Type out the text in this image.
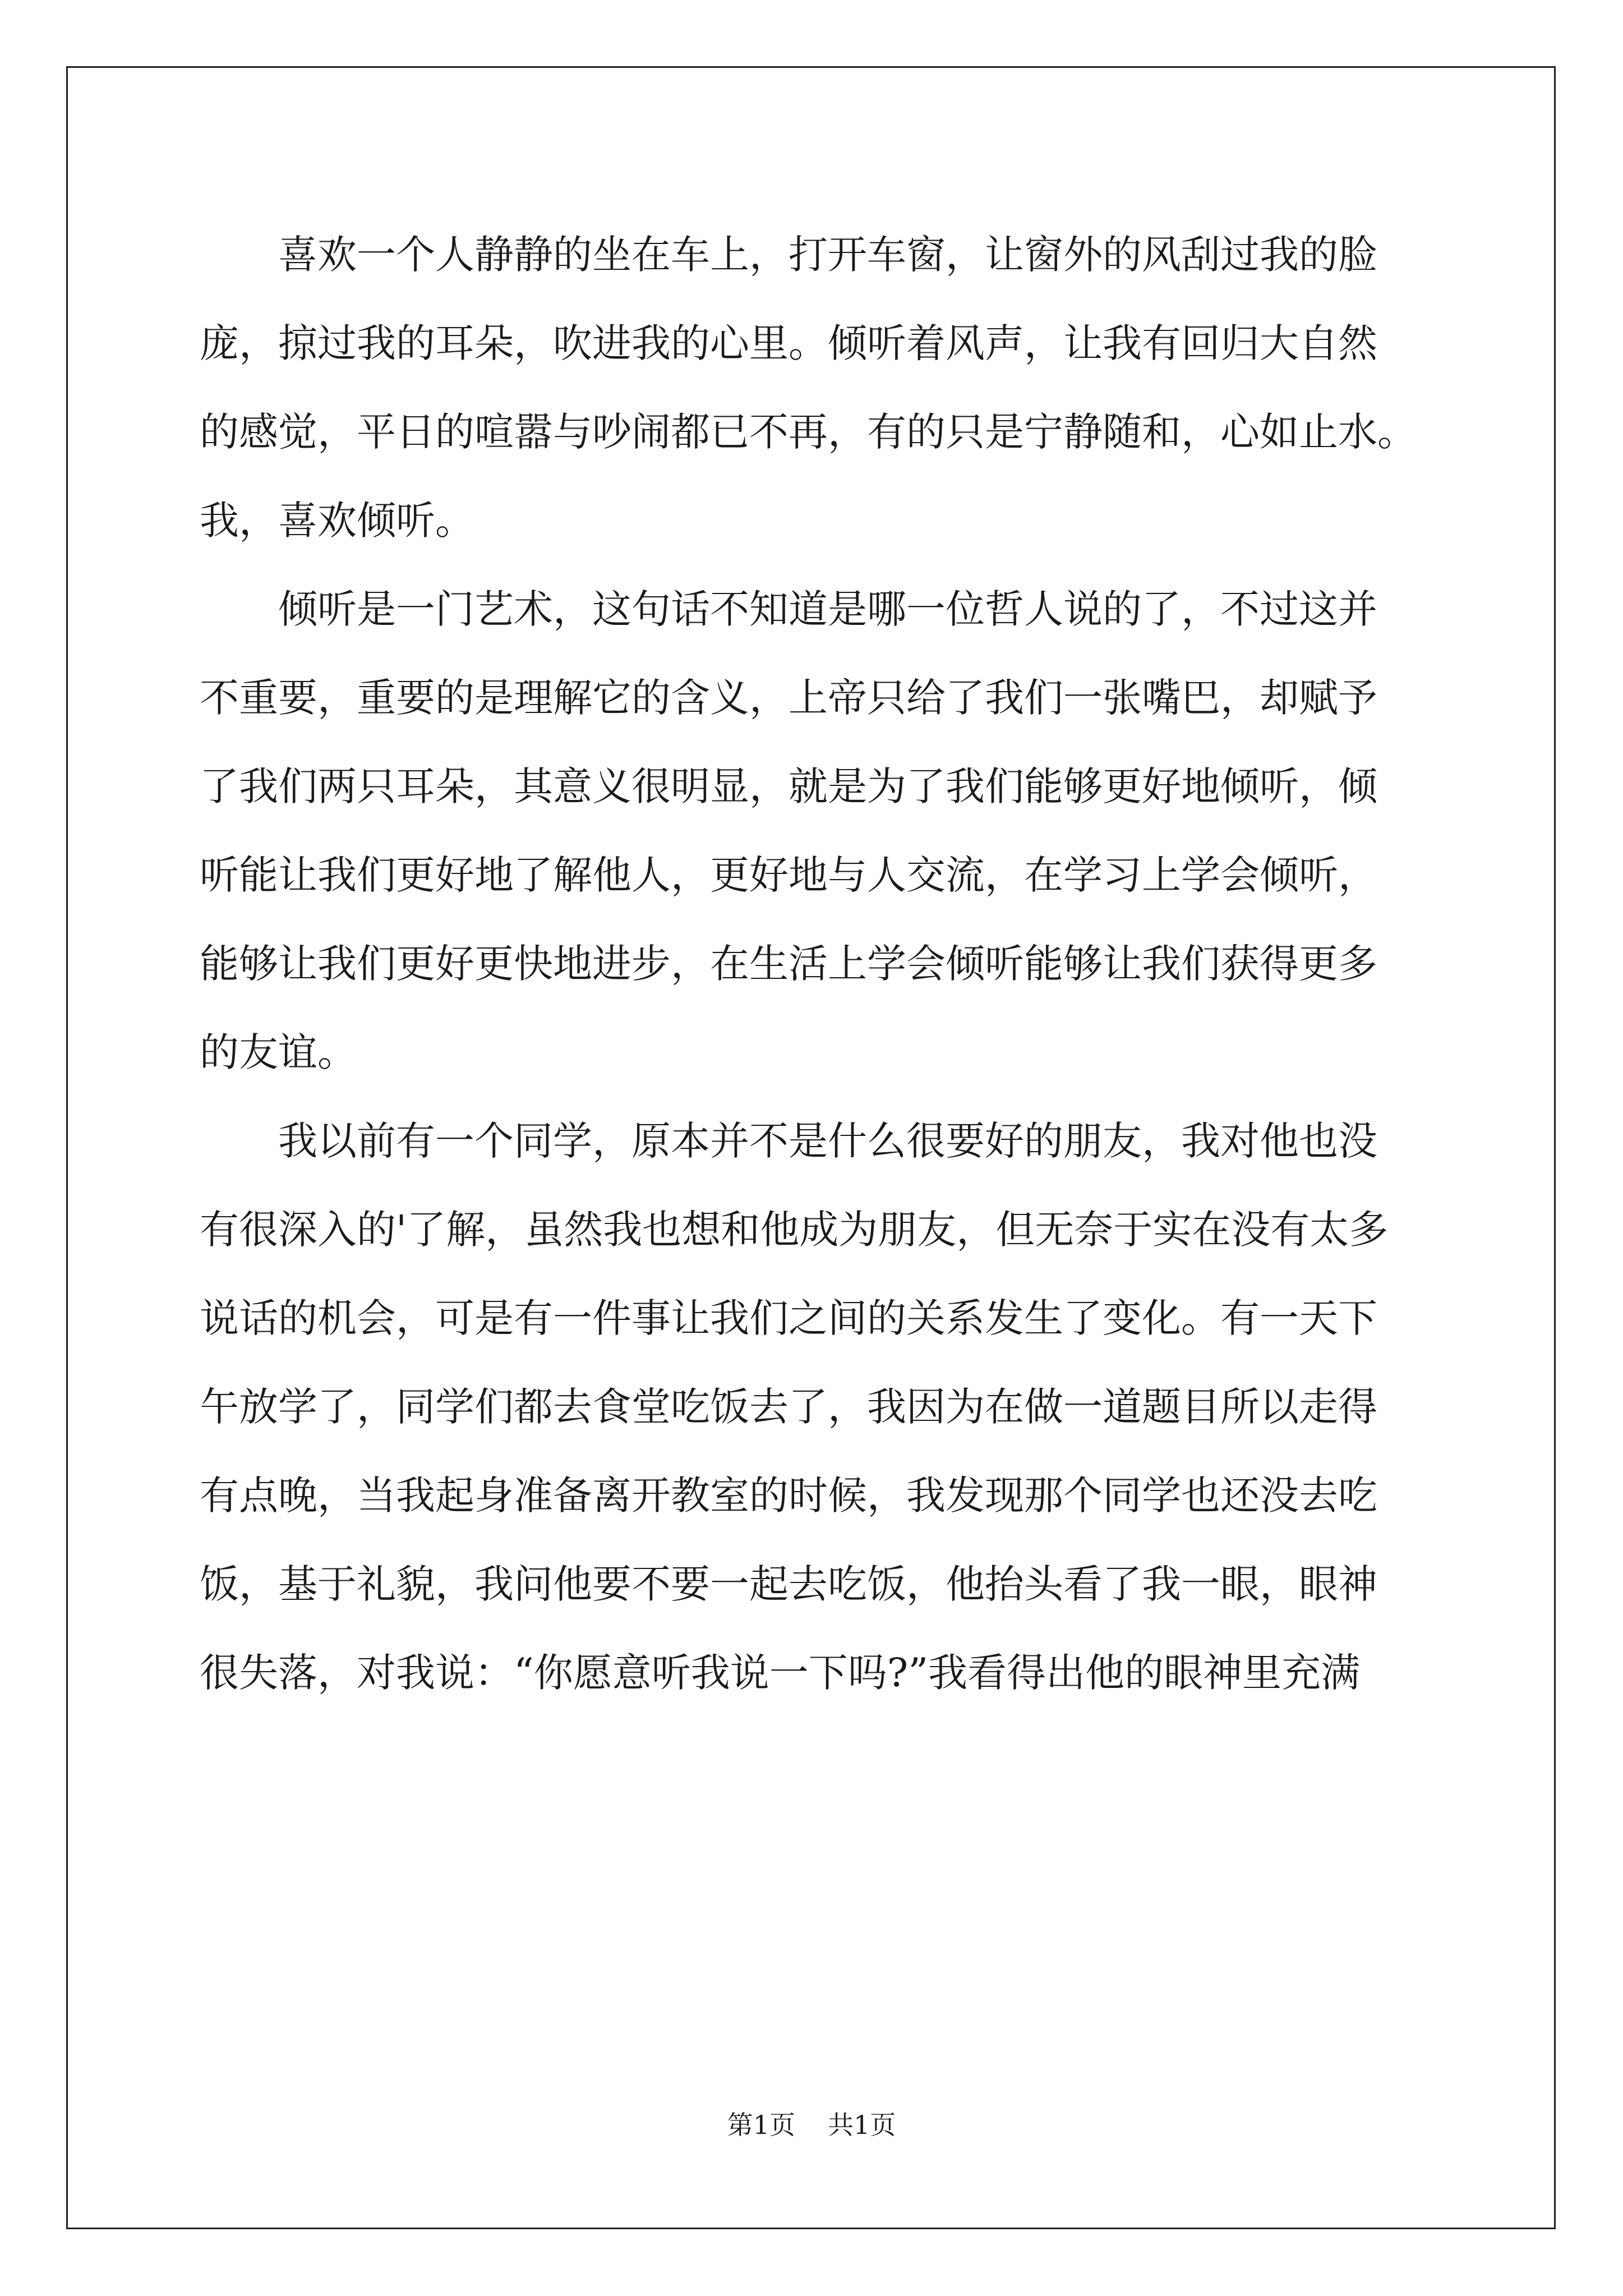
喜欢一个人静静的坐在车上，打开车窗，让窗外的风刮过我的脸
庞，掠过我的耳朵，吹进我的心里。倾听着风声，让我有回归大自然
的感觉，平日的喧嚣与吵闹都已不再，有的只是宁静随和，心如止水。
我，喜欢倾听。

倾听是一门艺术，这句话不知道是哪一位哲人说的了，不过这并
不重要，重要的是理解它的含义，上帝只给了我们一张嘴巴，却赋予
了我们两只耳朵，其意义很明显，就是为了我们能够更好地倾听，倾
听能让我们更好地了解他人，更好地与人交流，在学习上学会倾听，
能够让我们更好更快地进步，在生活上学会倾听能够让我们获得更多
的友谊。

我以前有一个同学，原本并不是什么很要好的朋友，我对他也没
有很深入的'了解，虽然我也想和他成为朋友，但无奈于实在没有太多
说话的机会，可是有一件事让我们之间的关系发生了变化。有一天下
午放学了，同学们都去食堂吃饭去了，我因为在做一道题目所以走得
有点晚，当我起身准备离开教室的时候，我发现那个同学也还没去吃
饭，基于礼貌，我问他要不要一起去吃饭，他抬头看了我一眼，眼神
很失落，对我说：“你愿意听我说一下吗?”我看得出他的眼神里充满

第1页 共1页
